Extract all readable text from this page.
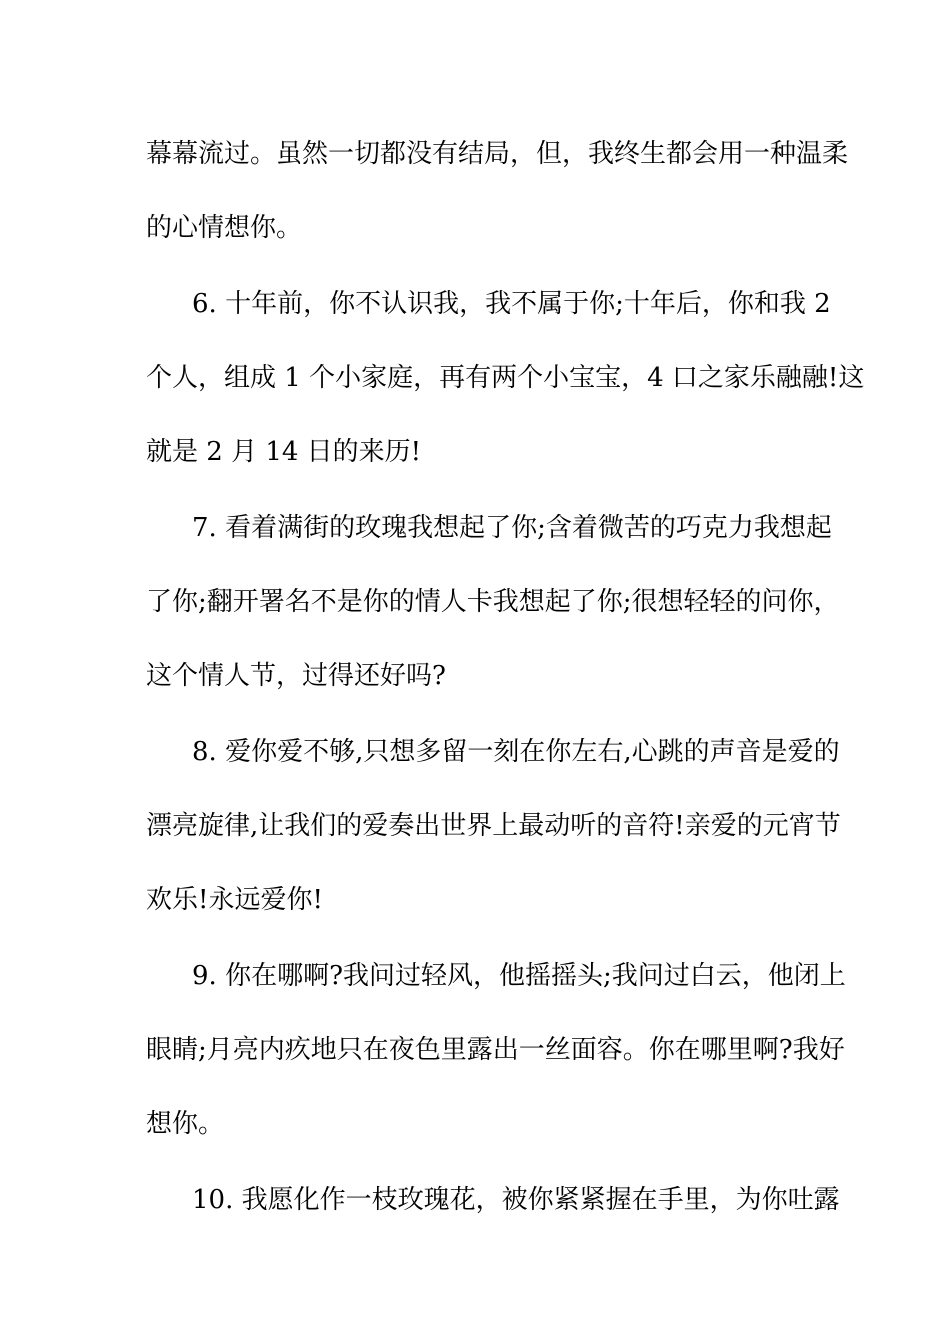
幕幕流过。虽然一切都没有结局，但，我终生都会用一种温柔
的心情想你。
6. 十年前，你不认识我，我不属于你;十年后，你和我 2
个人，组成 1 个小家庭，再有两个小宝宝，4 口之家乐融融!这
就是 2 月 14 日的来历!
7. 看着满街的玫瑰我想起了你;含着微苦的巧克力我想起
了你;翻开署名不是你的情人卡我想起了你;很想轻轻的问你，
这个情人节，过得还好吗?
8. 爱你爱不够,只想多留一刻在你左右,心跳的声音是爱的
漂亮旋律,让我们的爱奏出世界上最动听的音符!亲爱的元宵节
欢乐!永远爱你!
9. 你在哪啊?我问过轻风，他摇摇头;我问过白云，他闭上
眼睛;月亮内疚地只在夜色里露出一丝面容。你在哪里啊?我好
想你。
10. 我愿化作一枝玫瑰花，被你紧紧握在手里，为你吐露
